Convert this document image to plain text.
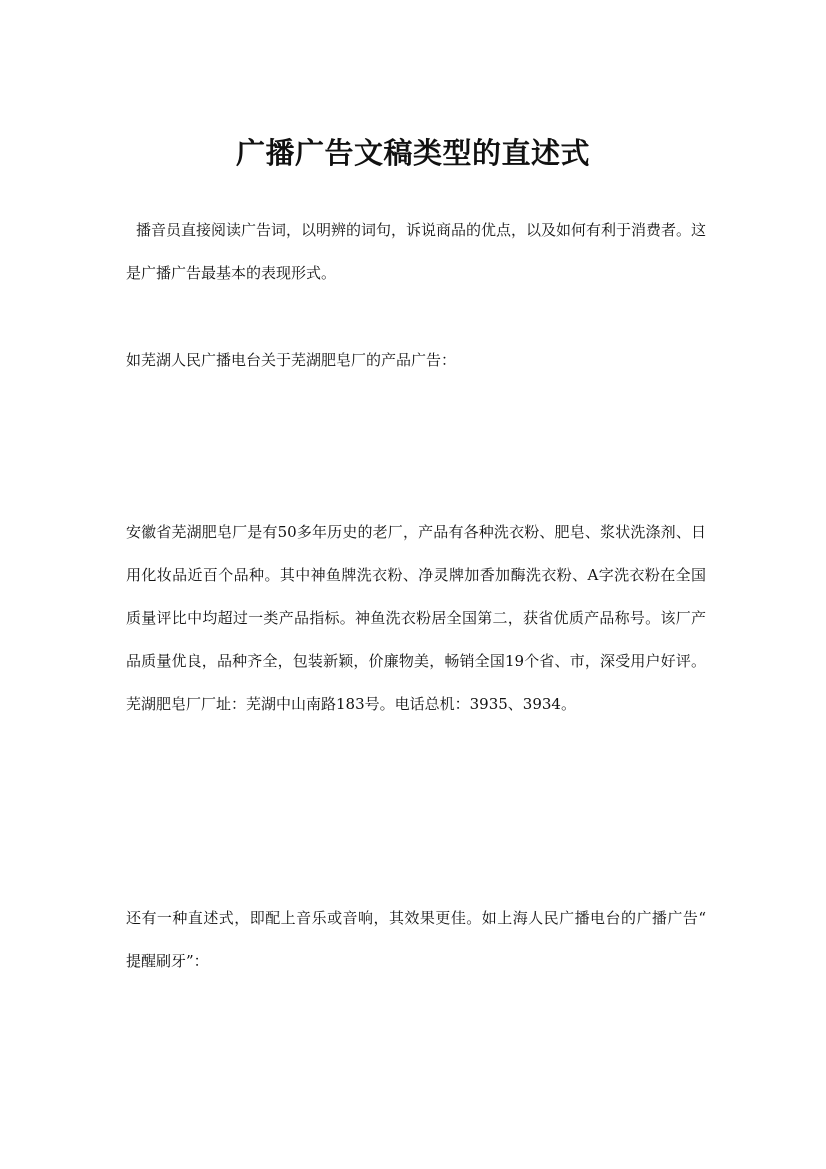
广播广告文稿类型的直述式

播音员直接阅读广告词，以明辨的词句，诉说商品的优点，以及如何有利于消费者。这是广播广告最基本的表现形式。

如芜湖人民广播电台关于芜湖肥皂厂的产品广告：

安徽省芜湖肥皂厂是有50多年历史的老厂，产品有各种洗衣粉、肥皂、浆状洗涤剂、日用化妆品近百个品种。其中神鱼牌洗衣粉、净灵牌加香加酶洗衣粉、A字洗衣粉在全国质量评比中均超过一类产品指标。神鱼洗衣粉居全国第二，获省优质产品称号。该厂产品质量优良，品种齐全，包装新颖，价廉物美，畅销全国19个省、市，深受用户好评。芜湖肥皂厂厂址：芜湖中山南路183号。电话总机：3935、3934。

还有一种直述式，即配上音乐或音响，其效果更佳。如上海人民广播电台的广播广告“ 提醒刷牙”：
